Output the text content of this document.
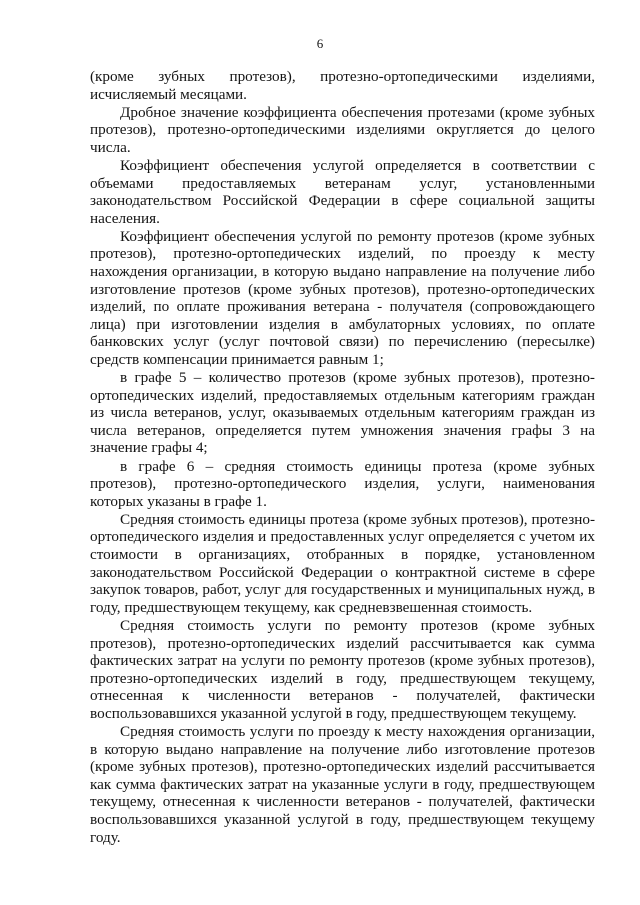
6

(кроме зубных протезов), протезно-ортопедическими изделиями, исчисляемый месяцами.

Дробное значение коэффициента обеспечения протезами (кроме зубных протезов), протезно-ортопедическими изделиями округляется до целого числа.

Коэффициент обеспечения услугой определяется в соответствии с объемами предоставляемых ветеранам услуг, установленными законодательством Российской Федерации в сфере социальной защиты населения.

Коэффициент обеспечения услугой по ремонту протезов (кроме зубных протезов), протезно-ортопедических изделий, по проезду к месту нахождения организации, в которую выдано направление на получение либо изготовление протезов (кроме зубных протезов), протезно-ортопедических изделий, по оплате проживания ветерана - получателя (сопровождающего лица) при изготовлении изделия в амбулаторных условиях, по оплате банковских услуг (услуг почтовой связи) по перечислению (пересылке) средств компенсации принимается равным 1;

в графе 5 – количество протезов (кроме зубных протезов), протезно-ортопедических изделий, предоставляемых отдельным категориям граждан из числа ветеранов, услуг, оказываемых отдельным категориям граждан из числа ветеранов, определяется путем умножения значения графы 3 на значение графы 4;

в графе 6 – средняя стоимость единицы протеза (кроме зубных протезов), протезно-ортопедического изделия, услуги, наименования которых указаны в графе 1.

Средняя стоимость единицы протеза (кроме зубных протезов), протезно-ортопедического изделия и предоставленных услуг определяется с учетом их стоимости в организациях, отобранных в порядке, установленном законодательством Российской Федерации о контрактной системе в сфере закупок товаров, работ, услуг для государственных и муниципальных нужд, в году, предшествующем текущему, как средневзвешенная стоимость.

Средняя стоимость услуги по ремонту протезов (кроме зубных протезов), протезно-ортопедических изделий рассчитывается как сумма фактических затрат на услуги по ремонту протезов (кроме зубных протезов), протезно-ортопедических изделий в году, предшествующем текущему, отнесенная к численности ветеранов - получателей, фактически воспользовавшихся указанной услугой в году, предшествующем текущему.

Средняя стоимость услуги по проезду к месту нахождения организации, в которую выдано направление на получение либо изготовление протезов (кроме зубных протезов), протезно-ортопедических изделий рассчитывается как сумма фактических затрат на указанные услуги в году, предшествующем текущему, отнесенная к численности ветеранов - получателей, фактически воспользовавшихся указанной услугой в году, предшествующем текущему году.
